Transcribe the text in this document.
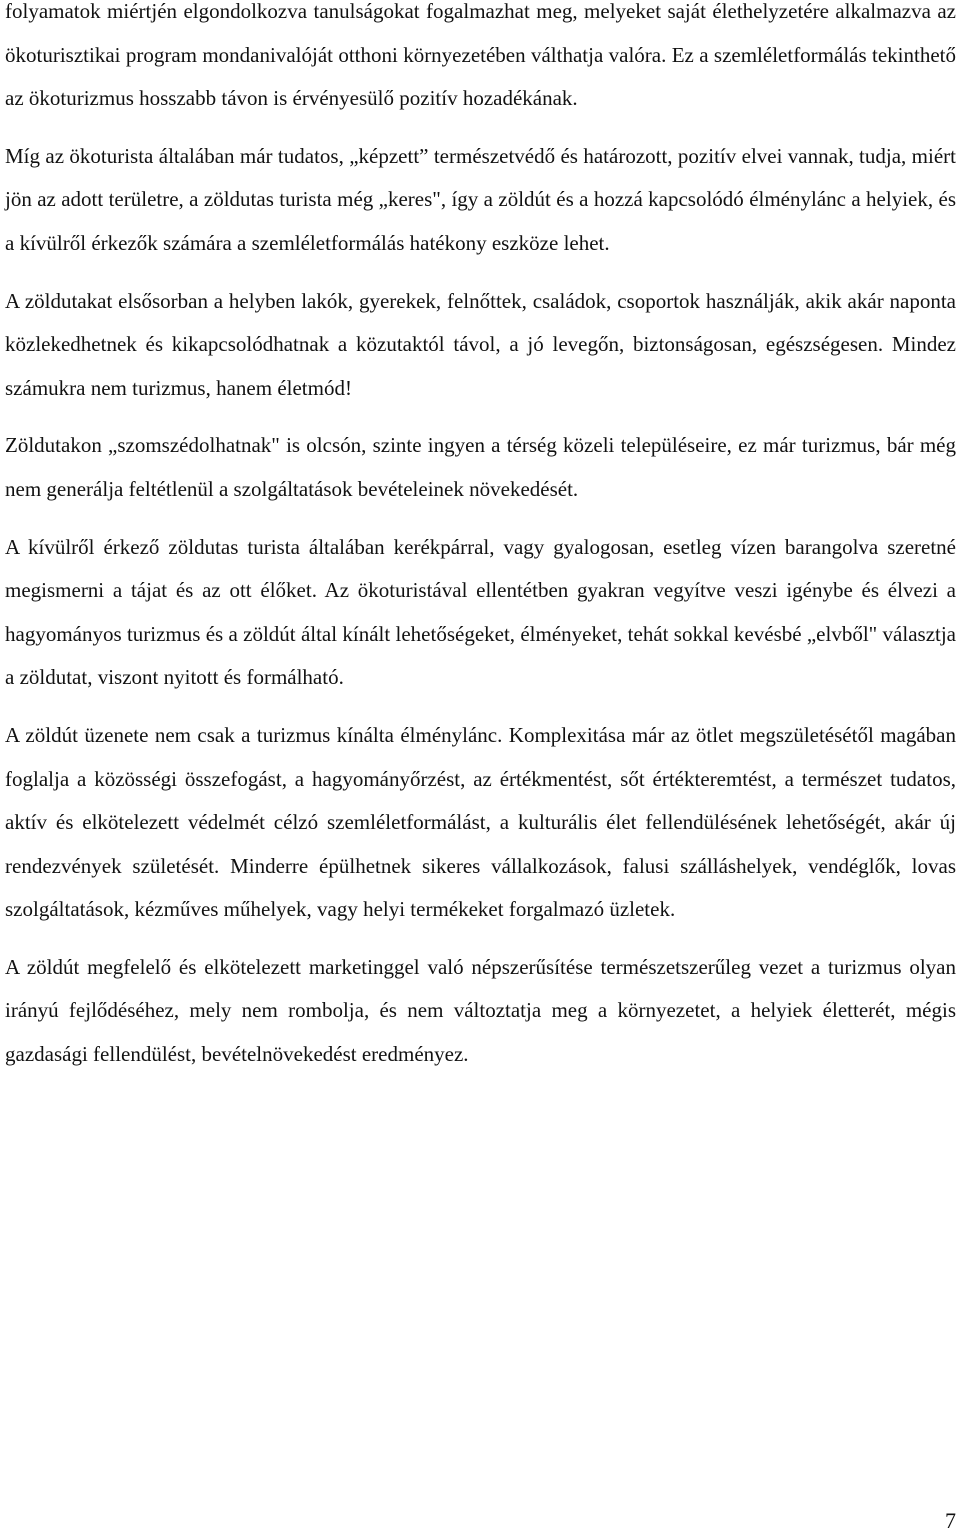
folyamatok miértjén elgondolkozva tanulságokat fogalmazhat meg, melyeket saját élethelyzetére alkalmazva az ökoturisztikai program mondanivalóját otthoni környezetében válthatja valóra. Ez a szemléletformálás tekinthető az ökoturizmus hosszabb távon is érvényesülő pozitív hozadékának.

Míg az ökoturista általában már tudatos, „képzett” természetvédő és határozott, pozitív elvei vannak, tudja, miért jön az adott területre, a zöldutas turista még „keres", így a zöldút és a hozzá kapcsolódó élménylánc a helyiek, és a kívülről érkezők számára a szemléletformálás hatékony eszköze lehet.

A zöldutakat elsősorban a helyben lakók, gyerekek, felnőttek, családok, csoportok használják, akik akár naponta közlekedhetnek és kikapcsolódhatnak a közutaktól távol, a jó levegőn, biztonságosan, egészségesen. Mindez számukra nem turizmus, hanem életmód!

Zöldutakon „szomszédolhatnak" is olcsón, szinte ingyen a térség közeli településeire, ez már turizmus, bár még nem generálja feltétlenül a szolgáltatások bevételeinek növekedését.

A kívülről érkező zöldutas turista általában kerékpárral, vagy gyalogosan, esetleg vízen barangolva szeretné megismerni a tájat és az ott élőket. Az ökoturistával ellentétben gyakran vegyítve veszi igénybe és élvezi a hagyományos turizmus és a zöldút által kínált lehetőségeket, élményeket, tehát sokkal kevésbé „elvből" választja a zöldutat, viszont nyitott és formálható.

A zöldút üzenete nem csak a turizmus kínálta élménylánc. Komplexitása már az ötlet megszületésétől magában foglalja a közösségi összefogást, a hagyományőrzést, az értékmentést, sőt értékteremtést, a természet tudatos, aktív és elkötelezett védelmét célzó szemléletformálást, a kulturális élet fellendülésének lehetőségét, akár új rendezvények születését. Minderre épülhetnek sikeres vállalkozások, falusi szálláshelyek, vendéglők, lovas szolgáltatások, kézműves műhelyek, vagy helyi termékeket forgalmazó üzletek.

A zöldút megfelelő és elkötelezett marketinggel való népszerűsítése természetszerűleg vezet a turizmus olyan irányú fejlődéséhez, mely nem rombolja, és nem változtatja meg a környezetet, a helyiek életterét, mégis gazdasági fellendülést, bevételnövekedést eredményez.

7
